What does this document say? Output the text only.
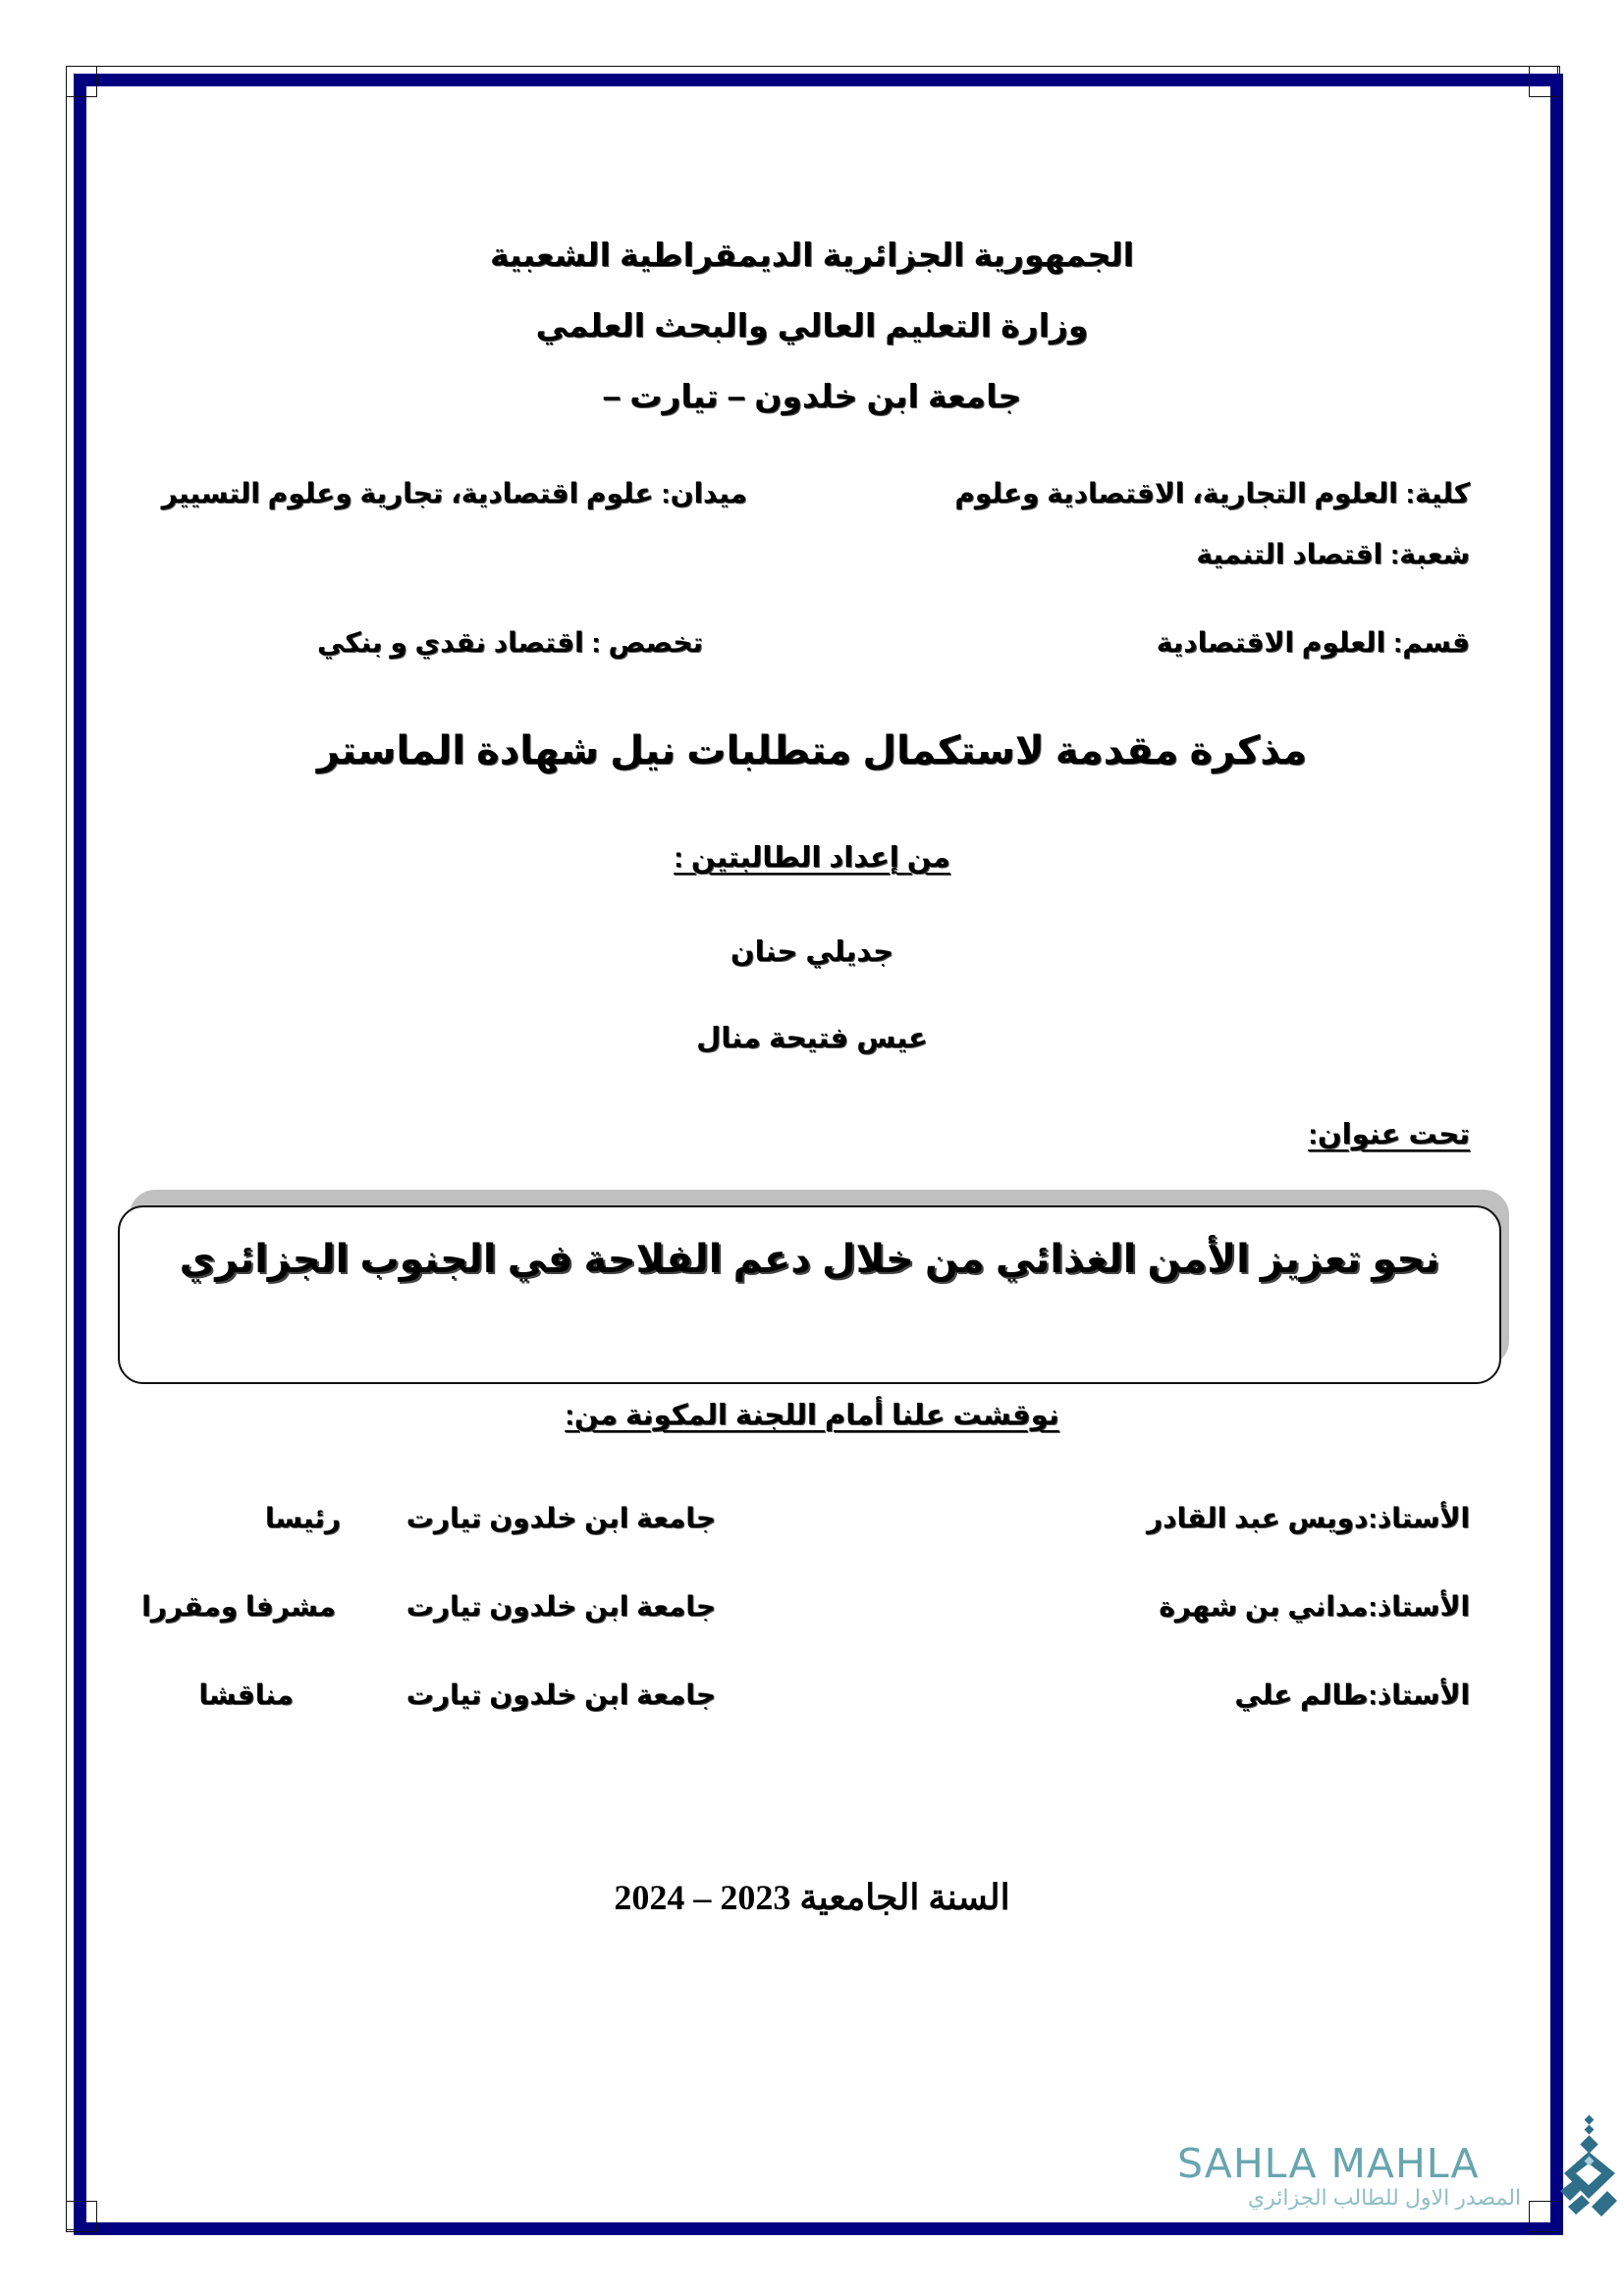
الجمهورية الجزائرية الديمقراطية الشعبية
وزارة التعليم العالي والبحث العلمي
جامعة ابن خلدون – تيارت –
كلية: العلوم التجارية، الاقتصادية وعلوم
ميدان: علوم اقتصادية، تجارية وعلوم التسيير
شعبة: اقتصاد التنمية
قسم: العلوم الاقتصادية
تخصص : اقتصاد نقدي و بنكي
مذكرة مقدمة لاستكمال متطلبات نيل شهادة الماستر
من إعداد الطالبتين :
جديلي حنان
عيس فتيحة منال
تحت عنوان:
نحو تعزيز الأمن الغذائي من خلال دعم الفلاحة في الجنوب الجزائري
نوقشت علنا أمام اللجنة المكونة من:
الأستاذ:دويس عبد القادر
جامعة ابن خلدون تيارت
رئيسا
الأستاذ:مداني بن شهرة
جامعة ابن خلدون تيارت
مشرفا ومقررا
الأستاذ:طالم علي
جامعة ابن خلدون تيارت
مناقشا
السنة الجامعية 2023 – 2024
SAHLA MAHLA
المصدر الاول للطالب الجزائري
